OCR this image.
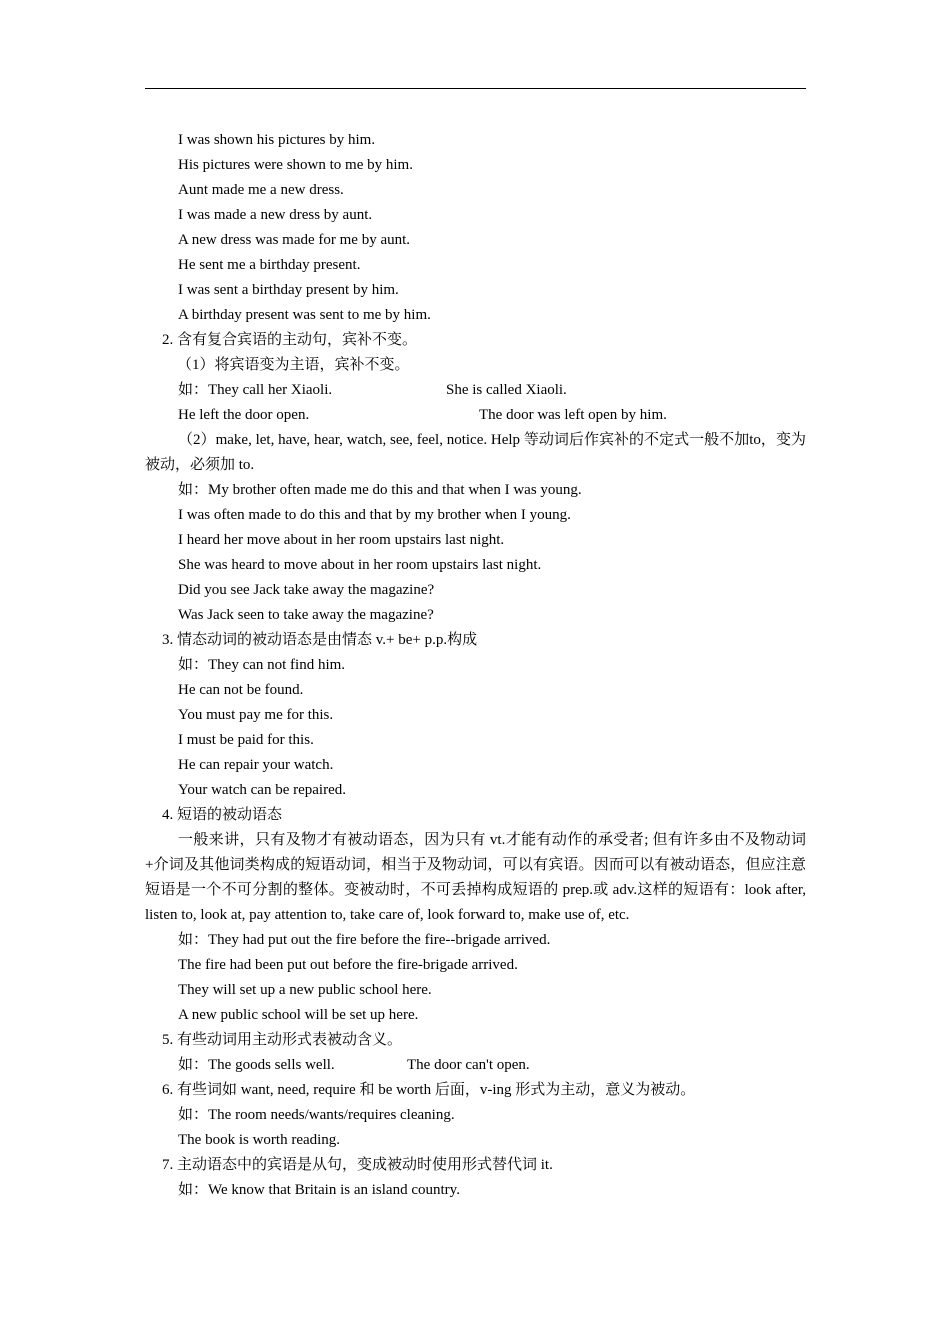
I was shown his pictures by him.
His pictures were shown to me by him.
Aunt made me a new dress.
I was made a new dress by aunt.
A new dress was made for me by aunt.
He sent me a birthday present.
I was sent a birthday present by him.
A birthday present was sent to me by him.
2. 含有复合宾语的主动句，宾补不变。
（1）将宾语变为主语，宾补不变。
如：They call her Xiaoli.	She is called Xiaoli.
He left the door open.	The door was left open by him.
（2）make, let, have, hear, watch, see, feel, notice. Help 等动词后作宾补的不定式一般不加to，变为被动，必须加 to.
如：My brother often made me do this and that when I was young.
I was often made to do this and that by my brother when I young.
I heard her move about in her room upstairs last night.
She was heard to move about in her room upstairs last night.
Did you see Jack take away the magazine?
Was Jack seen to take away the magazine?
3. 情态动词的被动语态是由情态 v.+ be+ p.p.构成
如：They can not find him.
He can not be found.
You must pay me for this.
I must be paid for this.
He can repair your watch.
Your watch can be repaired.
4. 短语的被动语态
一般来讲，只有及物才有被动语态，因为只有 vt.才能有动作的承受者; 但有许多由不及物动词+介词及其他词类构成的短语动词，相当于及物动词，可以有宾语。因而可以有被动语态，但应注意短语是一个不可分割的整体。变被动时，不可丢掉构成短语的 prep.或 adv.这样的短语有：look after, listen to, look at, pay attention to, take care of, look forward to, make use of, etc.
如：They had put out the fire before the fire--brigade arrived.
The fire had been put out before the fire-brigade arrived.
They will set up a new public school here.
A new public school will be set up here.
5. 有些动词用主动形式表被动含义。
如：The goods sells well.	The door can't open.
6. 有些词如 want, need, require 和 be worth 后面，v-ing 形式为主动，意义为被动。
如：The room needs/wants/requires cleaning.
The book is worth reading.
7. 主动语态中的宾语是从句，变成被动时使用形式替代词 it.
如：We know that Britain is an island country.
